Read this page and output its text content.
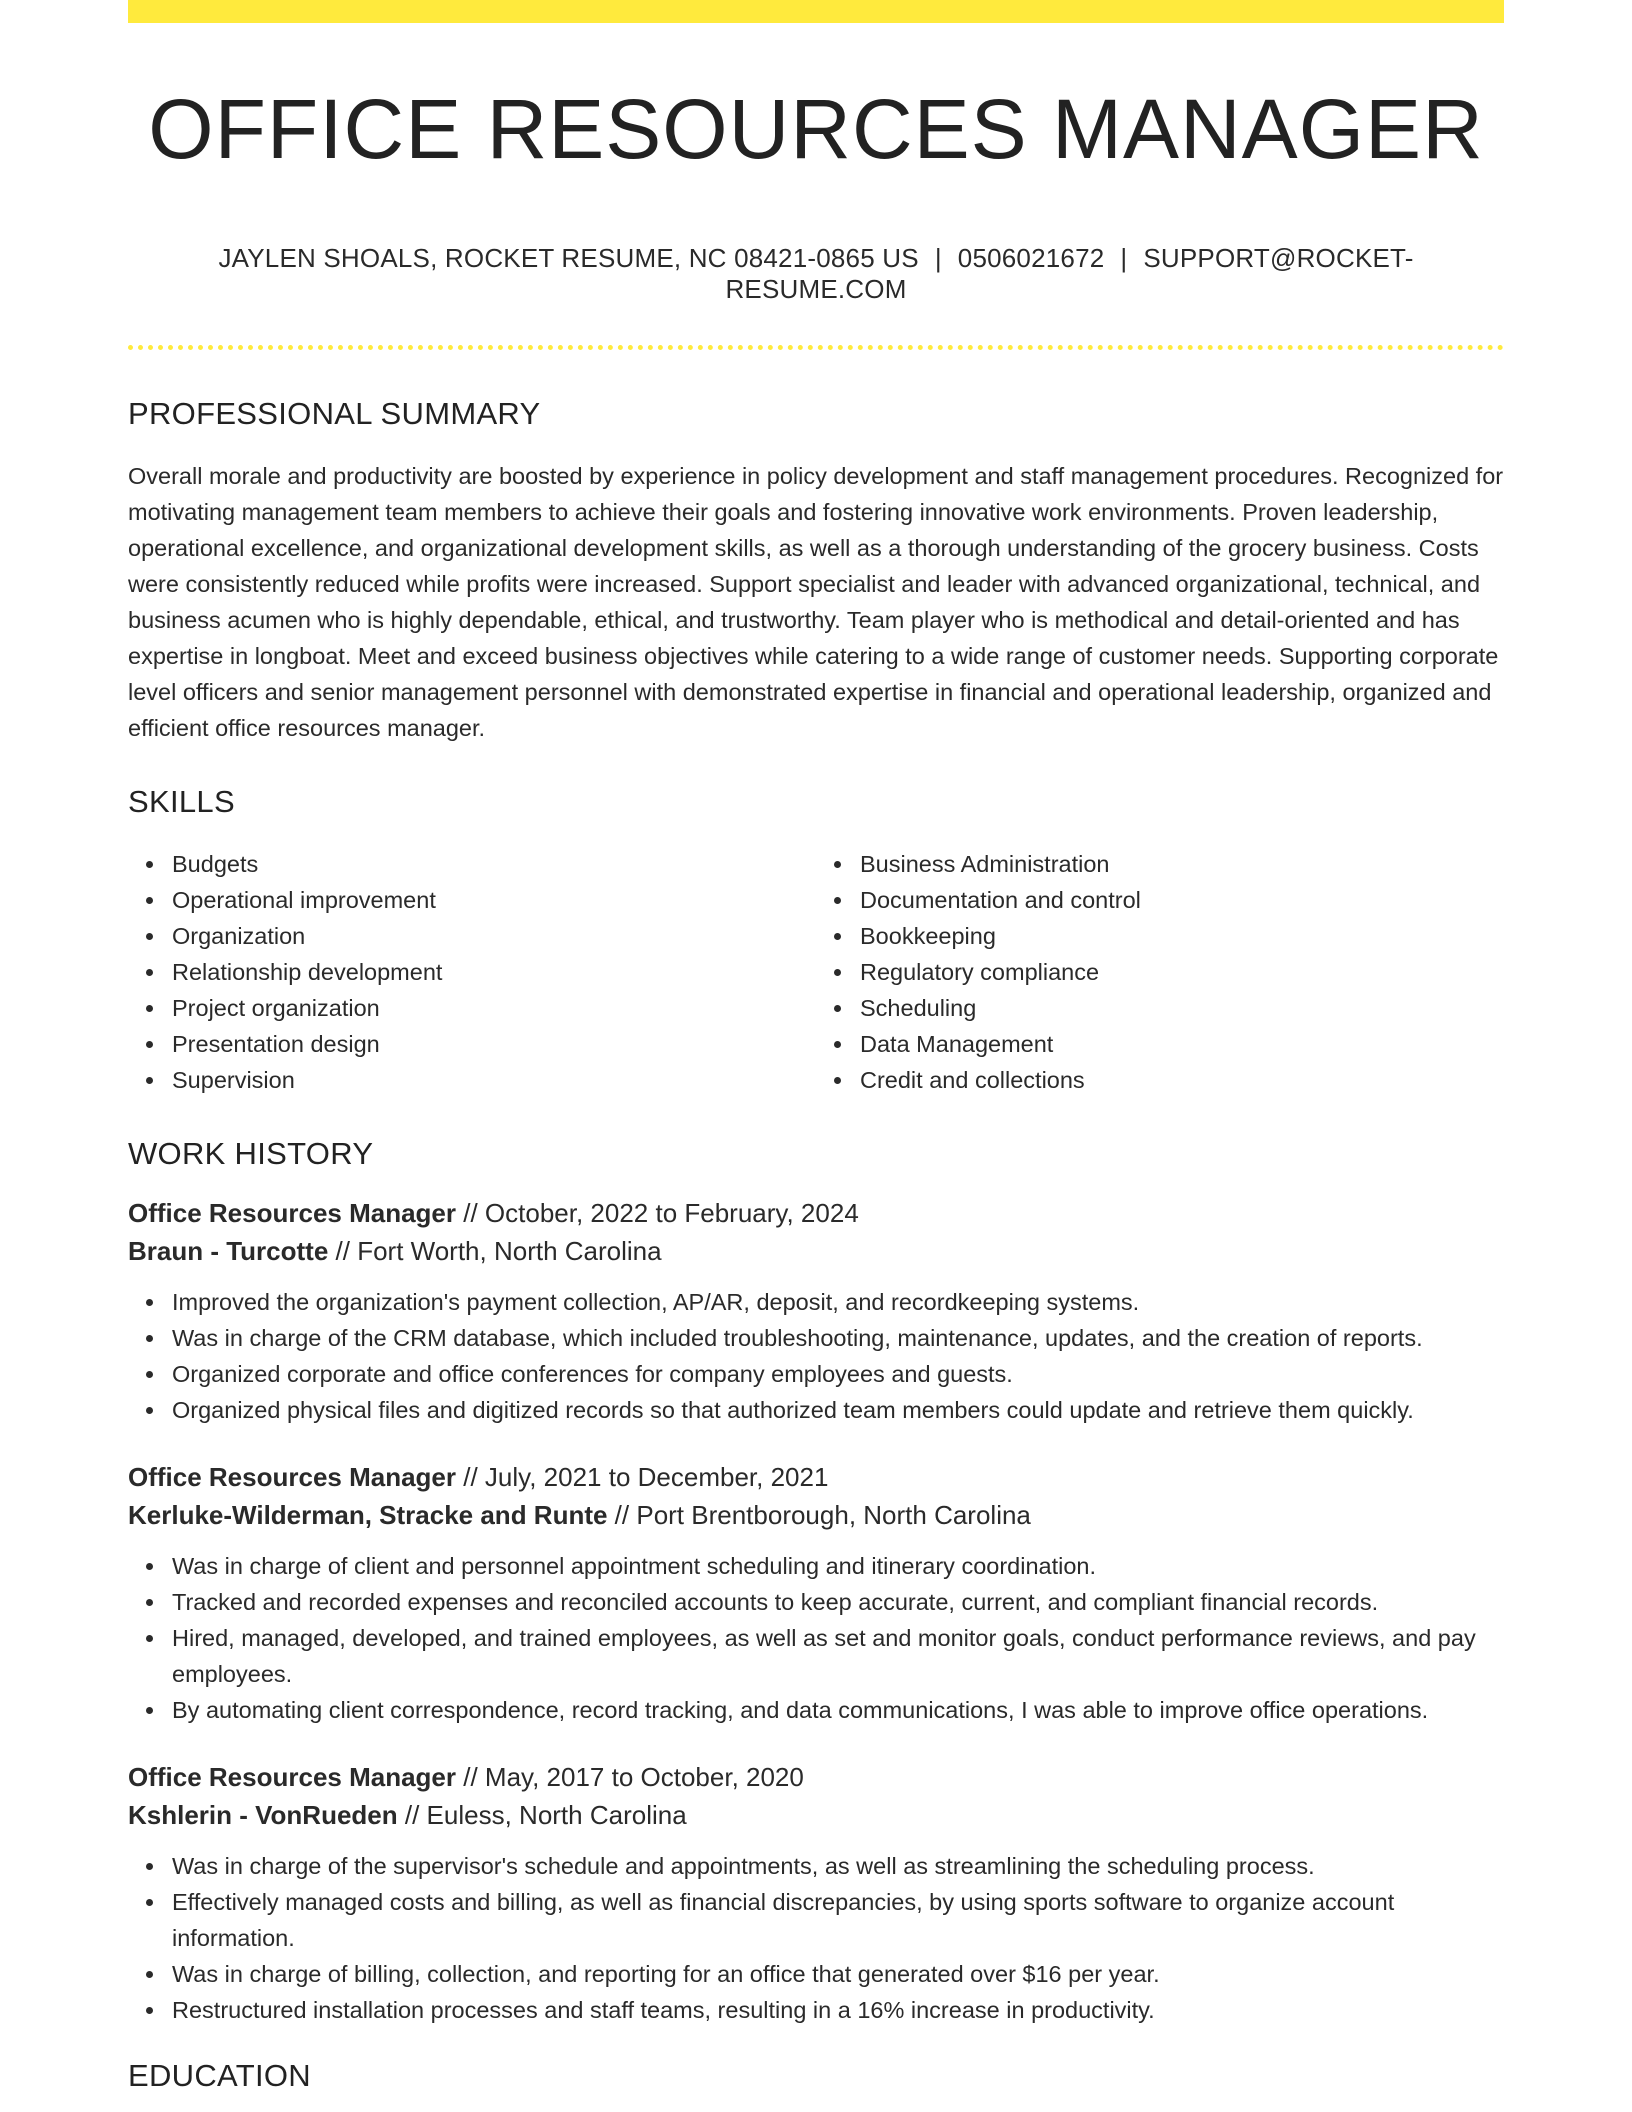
OFFICE RESOURCES MANAGER
JAYLEN SHOALS, ROCKET RESUME, NC 08421-0865 US | 0506021672 | SUPPORT@ROCKET-RESUME.COM
PROFESSIONAL SUMMARY
Overall morale and productivity are boosted by experience in policy development and staff management procedures. Recognized for motivating management team members to achieve their goals and fostering innovative work environments. Proven leadership, operational excellence, and organizational development skills, as well as a thorough understanding of the grocery business. Costs were consistently reduced while profits were increased. Support specialist and leader with advanced organizational, technical, and business acumen who is highly dependable, ethical, and trustworthy. Team player who is methodical and detail-oriented and has expertise in longboat. Meet and exceed business objectives while catering to a wide range of customer needs. Supporting corporate level officers and senior management personnel with demonstrated expertise in financial and operational leadership, organized and efficient office resources manager.
SKILLS
Budgets
Operational improvement
Organization
Relationship development
Project organization
Presentation design
Supervision
Business Administration
Documentation and control
Bookkeeping
Regulatory compliance
Scheduling
Data Management
Credit and collections
WORK HISTORY
Office Resources Manager // October, 2022 to February, 2024
Braun - Turcotte // Fort Worth, North Carolina
Improved the organization's payment collection, AP/AR, deposit, and recordkeeping systems.
Was in charge of the CRM database, which included troubleshooting, maintenance, updates, and the creation of reports.
Organized corporate and office conferences for company employees and guests.
Organized physical files and digitized records so that authorized team members could update and retrieve them quickly.
Office Resources Manager // July, 2021 to December, 2021
Kerluke-Wilderman, Stracke and Runte // Port Brentborough, North Carolina
Was in charge of client and personnel appointment scheduling and itinerary coordination.
Tracked and recorded expenses and reconciled accounts to keep accurate, current, and compliant financial records.
Hired, managed, developed, and trained employees, as well as set and monitor goals, conduct performance reviews, and pay employees.
By automating client correspondence, record tracking, and data communications, I was able to improve office operations.
Office Resources Manager // May, 2017 to October, 2020
Kshlerin - VonRueden // Euless, North Carolina
Was in charge of the supervisor's schedule and appointments, as well as streamlining the scheduling process.
Effectively managed costs and billing, as well as financial discrepancies, by using sports software to organize account information.
Was in charge of billing, collection, and reporting for an office that generated over $16 per year.
Restructured installation processes and staff teams, resulting in a 16% increase in productivity.
EDUCATION
